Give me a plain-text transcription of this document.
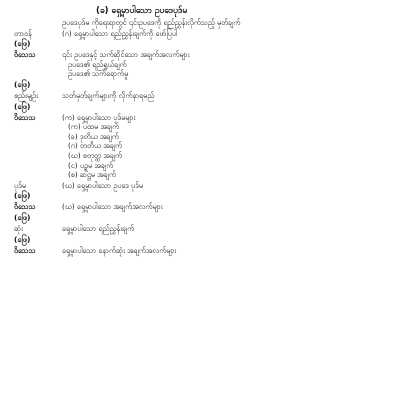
(ခ) ရှေ့မှာပါသော ဥပဒေပုဒ်မ
ဥပဒေပုဒ်မ ကိုရေးရာတွင် ၎င်းဥပဒေကို ရည်ညွှန်းလိုက်သည့် မှတ်ချက်
တာဝန်	(ဂ) ရှေ့မှာပါသော ရည်ညွှန်းချက်ကို ဖော်ပြပါ
(ဖြေ)
ဝိသေသ	၎င်း ဥပဒေနှင့် သက်ဆိုင်သော အချက်အလက်များ
ဥပဒေ၏ ရည်ရွယ်ချက်
ဥပဒေ၏ သက်ရောက်မှု
(ဖြေ)
စည်းမျဉ်း	သတ်မှတ်ချက်များကို လိုက်နာရမည်
(ဖြေ)
ဝိသေသ	(က) ရှေ့မှာပါသော ပုဒ်မများ
(က) ပထမ အချက်
(ခ) ဒုတိယ အချက်
(ဂ) တတိယ အချက်
(ဃ) စတုတ္ထ အချက်
(င) ပဉ္စမ အချက်
(စ) ဆဋ္ဌမ အချက်
ပုဒ်မ	(ဃ) ရှေ့မှာပါသော ဥပဒေ ပုဒ်မ
(ဖြေ)
ဝိသေသ	(ဃ) ရှေ့မှာပါသော အချက်အလက်များ
(ဖြေ)
ဆုံး	ရှေ့မှာပါသော ရည်ညွှန်းချက်
(ဖြေ)
ဝိသေသ	ရှေ့မှာပါသော နောက်ဆုံး အချက်အလက်များ
